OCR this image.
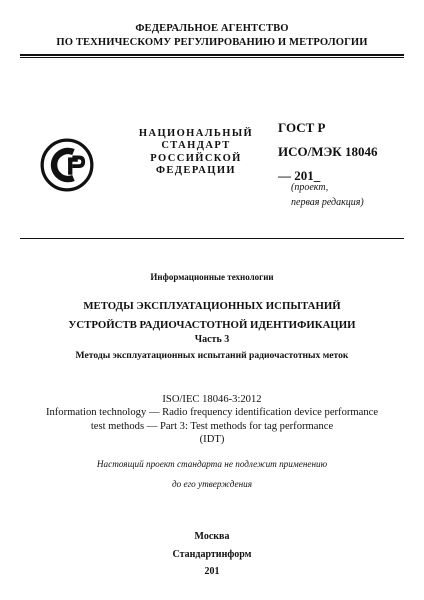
ФЕДЕРАЛЬНОЕ АГЕНТСТВО
ПО ТЕХНИЧЕСКОМУ РЕГУЛИРОВАНИЮ И МЕТРОЛОГИИ
НАЦИОНАЛЬНЫЙ
СТАНДАРТ
РОССИЙСКОЙ
ФЕДЕРАЦИИ
ГОСТ Р
ИСО/МЭК 18046
— 201_
(проект,
первая редакция)
Информационные технологии
МЕТОДЫ ЭКСПЛУАТАЦИОННЫХ ИСПЫТАНИЙ
УСТРОЙСТВ РАДИОЧАСТОТНОЙ ИДЕНТИФИКАЦИИ
Часть 3
Методы эксплуатационных испытаний радиочастотных меток
ISO/IEC 18046-3:2012
Information technology — Radio frequency identification device performance test methods — Part 3: Test methods for tag performance
(IDT)
Настоящий проект стандарта не подлежит применению
до его утверждения
Москва
Стандартинформ
201
